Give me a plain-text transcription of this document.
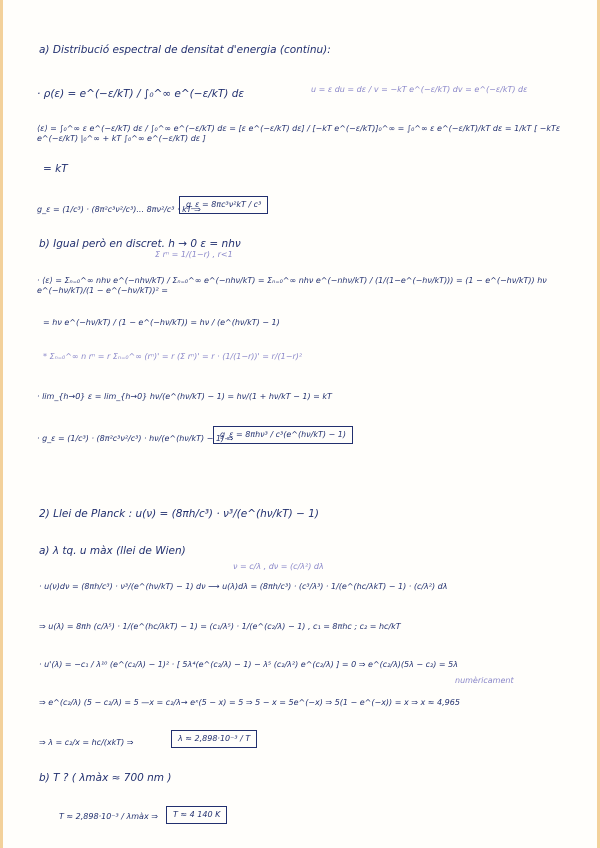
a) Distribució espectral de densitat d'energia (continu):
u = ε du = dε / v = −kT e^(−ε/kT) dv = e^(−ε/kT) dε
· ρ(ε) = e^(−ε/kT) / ∫₀^∞ e^(−ε/kT) dε
⟨ε⟩ = ∫₀^∞ ε e^(−ε/kT) dε / ∫₀^∞ e^(−ε/kT) dε = [ε e^(−ε/kT) dε] / [−kT e^(−ε/kT)]₀^∞ = ∫₀^∞ ε e^(−ε/kT)/kT dε = 1/kT [ −kTε e^(−ε/kT) |₀^∞ + kT ∫₀^∞ e^(−ε/kT) dε ]
= kT
g_ε = (1/c³) · (8π²c³ν²/c³)... 8πν²/c³ · kT ⇒
g_ε = 8πc³ν²kT / c³
b) Igual però en discret. h → 0 ε = nhν
Σ rⁿ = 1/(1−r) , r<1
· ⟨ε⟩ = Σₙ₌₀^∞ nhν e^(−nhν/kT) / Σₙ₌₀^∞ e^(−nhν/kT) = Σₙ₌₀^∞ nhν e^(−nhν/kT) / (1/(1−e^(−hν/kT))) = (1 − e^(−hν/kT)) hν e^(−hν/kT)/(1 − e^(−hν/kT))² =
= hν e^(−hν/kT) / (1 − e^(−hν/kT)) = hν / (e^(hν/kT) − 1)
* Σₙ₌₀^∞ n rⁿ = r Σₙ₌₀^∞ (rⁿ)' = r (Σ rⁿ)' = r · (1/(1−r))' = r/(1−r)²
· lim_{h→0} ε = lim_{h→0} hν/(e^(hν/kT) − 1) = hν/(1 + hν/kT − 1) = kT
· g_ε = (1/c³) · (8π²c³ν²/c³) · hν/(e^(hν/kT) − 1) ⇒
g_ε = 8πhν³ / c³(e^(hν/kT) − 1)
2) Llei de Planck : u(ν) = (8πh/c³) · ν³/(e^(hν/kT) − 1)
a) λ tq. u màx (llei de Wien)
ν = c/λ , dν = (c/λ²) dλ
· u(ν)dν = (8πh/c³) · ν³/(e^(hν/kT) − 1) dν ⟶ u(λ)dλ = (8πh/c³) · (c³/λ³) · 1/(e^(hc/λkT) − 1) · (c/λ²) dλ
⇒ u(λ) = 8πh (c/λ⁵) · 1/(e^(hc/λkT) − 1) = (c₁/λ⁵) · 1/(e^(c₂/λ) − 1) , c₁ = 8πhc ; c₂ = hc/kT
· u'(λ) = −c₁ / λ¹⁰ (e^(c₂/λ) − 1)² · [ 5λ⁴(e^(c₂/λ) − 1) − λ⁵ (c₂/λ²) e^(c₂/λ) ] = 0 ⇒ e^(c₂/λ)(5λ − c₂) = 5λ
numèricament
⇒ e^(c₂/λ) (5 − c₂/λ) = 5 —x = c₂/λ→ eˣ(5 − x) = 5 ⇒ 5 − x = 5e^(−x) ⇒ 5(1 − e^(−x)) = x ⇒ x ≈ 4,965
⇒ λ = c₂/x = hc/(xkT) ⇒	λ ≈ 2,898·10⁻³ / T
b) T ? ( λmàx ≈ 700 nm )
T ≈ 2,898·10⁻³ / λmàx ⇒	T ≈ 4 140 K
